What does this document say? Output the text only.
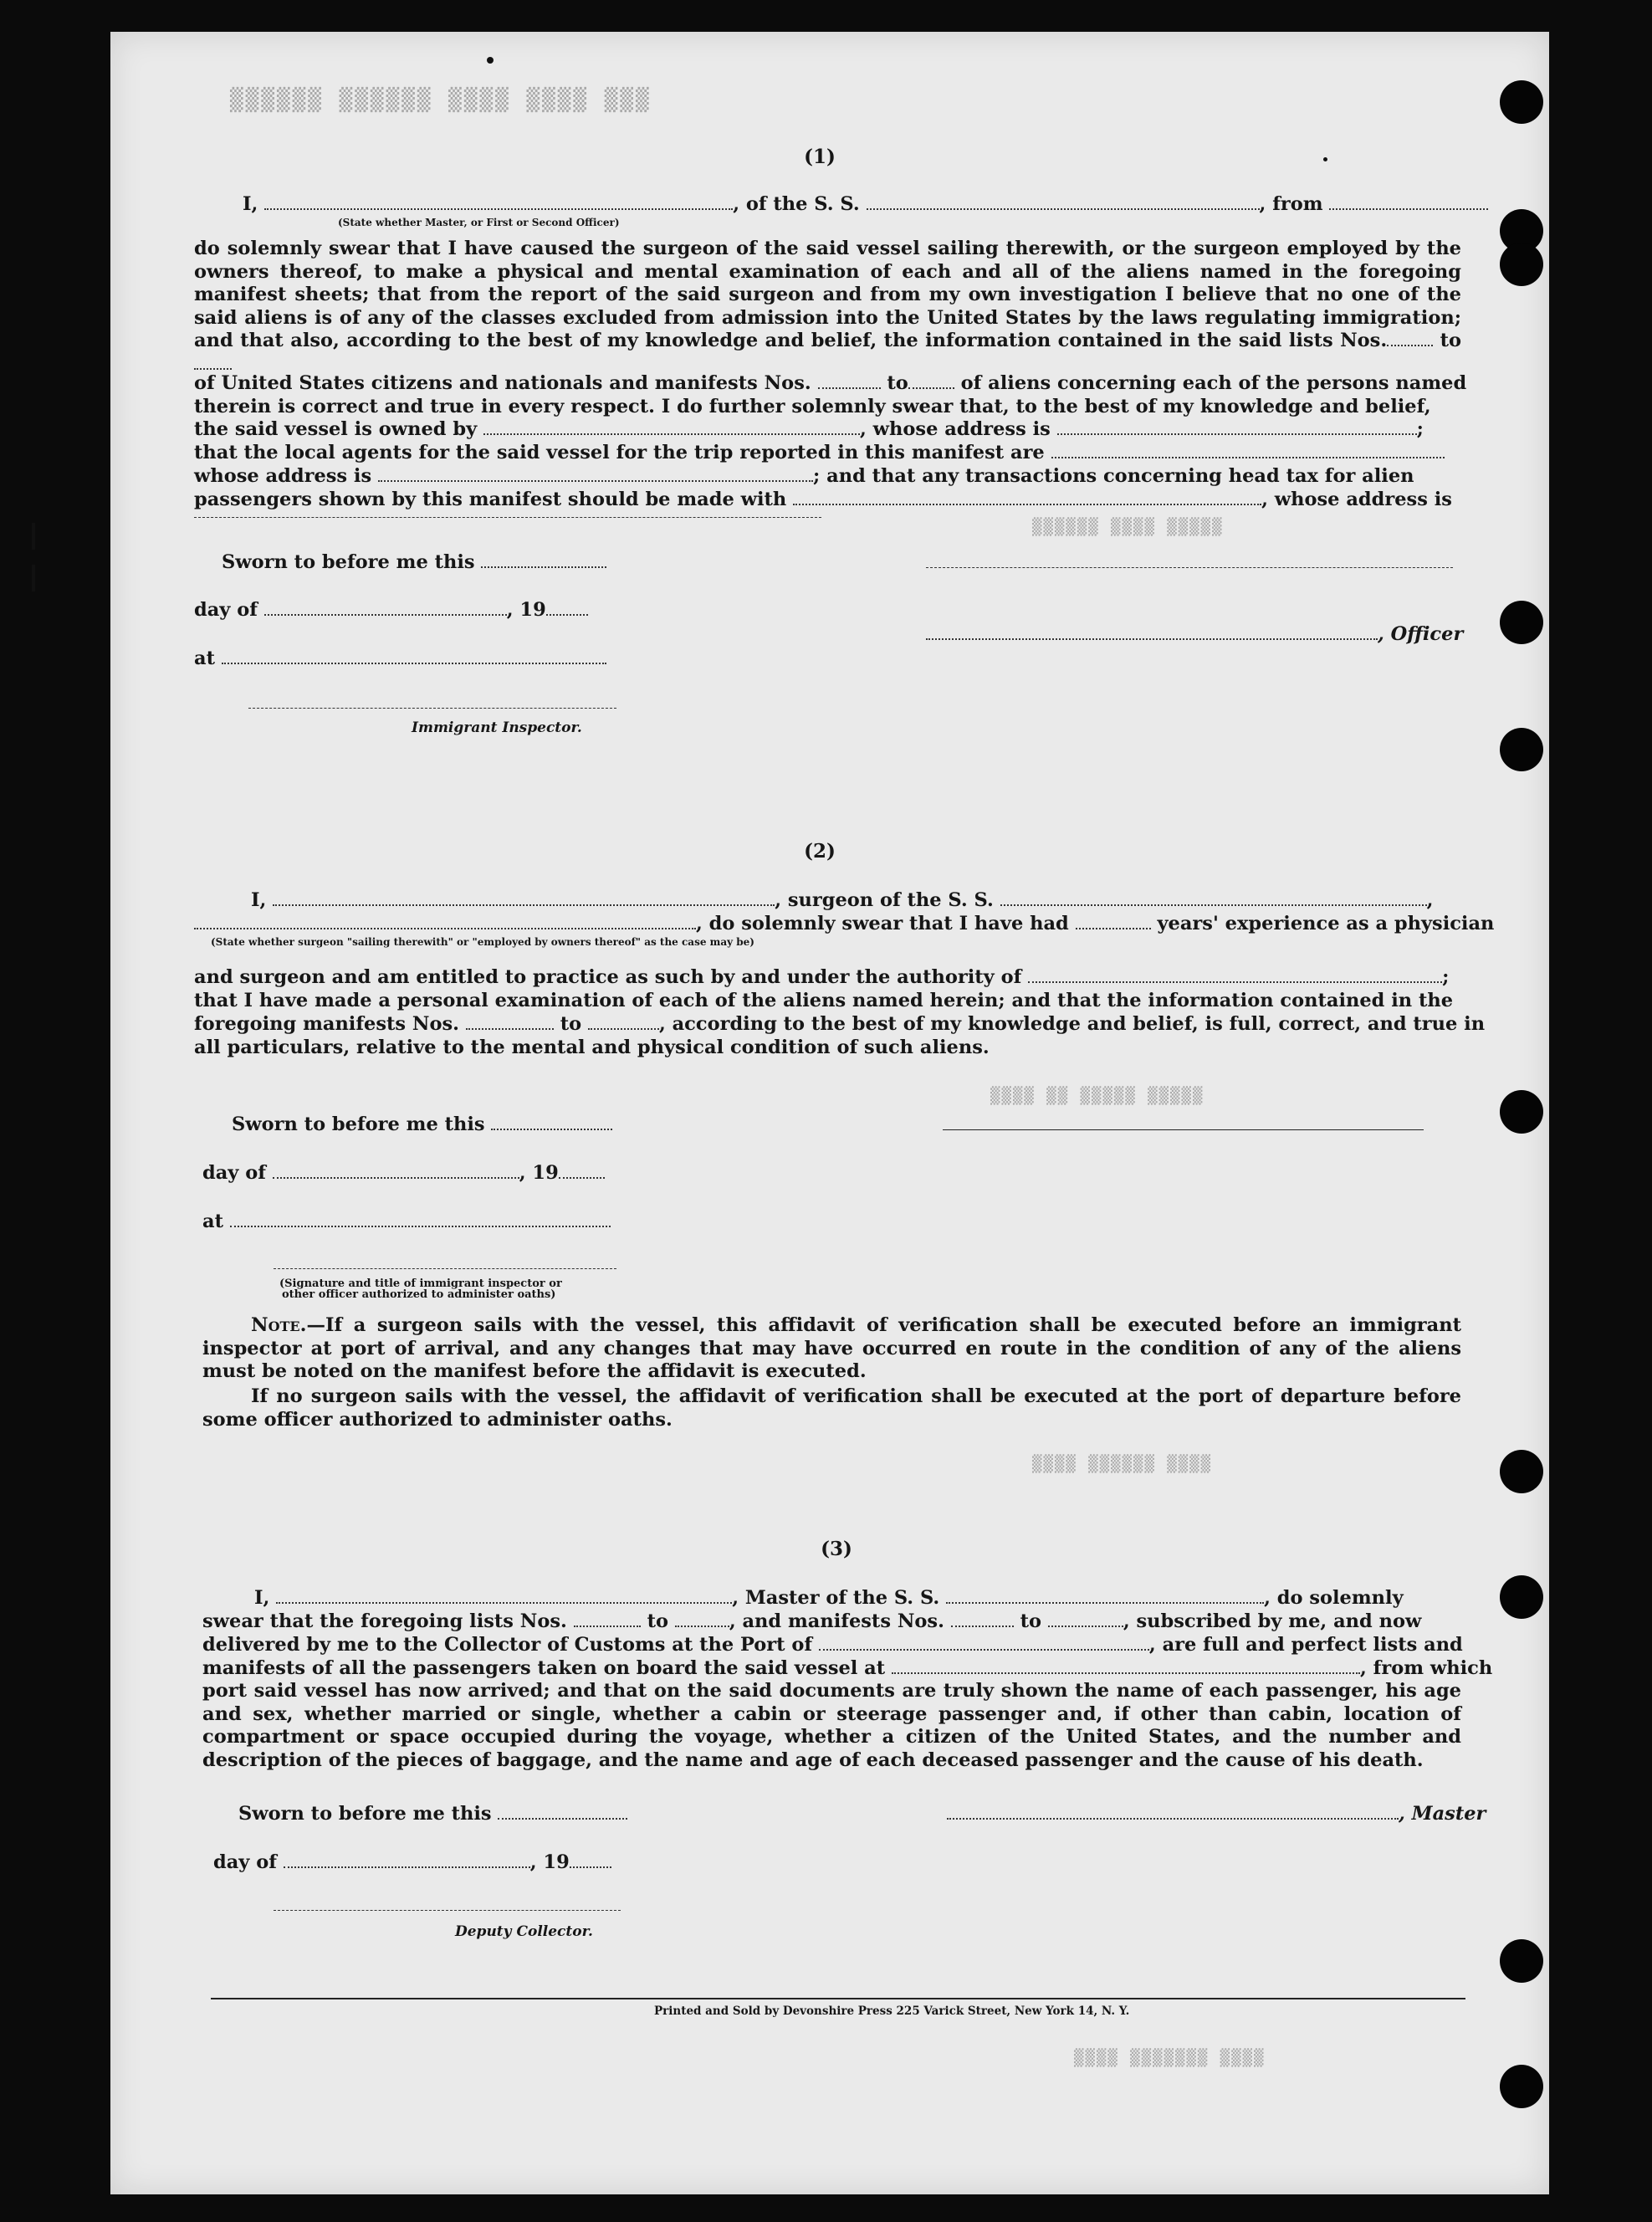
▒▒▒ ▒▒▒▒ ▒▒▒▒ ▒▒▒▒▒▒ ▒▒▒▒▒▒
▒▒▒▒▒ ▒▒▒▒ ▒▒▒▒▒▒
▒▒▒▒▒ ▒▒▒▒▒ ▒▒ ▒▒▒▒
▒▒▒▒ ▒▒▒▒▒▒ ▒▒▒▒
▒▒▒▒ ▒▒▒▒▒▒▒ ▒▒▒▒
(1)
I,	, of the S. S.	, from
(State whether Master, or First or Second Officer)
do solemnly swear that I have caused the surgeon of the said vessel sailing therewith, or the surgeon employed by the owners thereof, to make a physical and mental examination of each and all of the aliens named in the foregoing manifest sheets; that from the report of the said surgeon and from my own investigation I believe that no one of the said aliens is of any of the classes excluded from admission into the United States by the laws regulating immigration; and that also, according to the best of my knowledge and belief, the information contained in the said lists Nos.	to
of United States citizens and nationals and manifests Nos.	to	of aliens concerning each of the persons named
therein is correct and true in every respect. I do further solemnly swear that, to the best of my knowledge and belief,
the said vessel is owned by	, whose address is	;
that the local agents for the said vessel for the trip reported in this manifest are
whose address is	; and that any transactions concerning head tax for alien
passengers shown by this manifest should be made with	, whose address is
Sworn to before me this
day of	, 19
, Officer
at
Immigrant Inspector.
(2)
I,	, surgeon of the S. S.	,
, do solemnly swear that I have had	years' experience as a physician
(State whether surgeon "sailing therewith" or "employed by owners thereof" as the case may be)
and surgeon and am entitled to practice as such by and under the authority of	;
that I have made a personal examination of each of the aliens named herein; and that the information contained in the
foregoing manifests Nos.	to	, according to the best of my knowledge and belief, is full, correct, and true in
all particulars, relative to the mental and physical condition of such aliens.
Sworn to before me this
day of	, 19
at
(Signature and title of immigrant inspector or
other officer authorized to administer oaths)
Note.—If a surgeon sails with the vessel, this affidavit of verification shall be executed before an immigrant inspector at port of arrival, and any changes that may have occurred en route in the condition of any of the aliens must be noted on the manifest before the affidavit is executed.
If no surgeon sails with the vessel, the affidavit of verification shall be executed at the port of departure before some officer authorized to administer oaths.
(3)
I,	, Master of the S. S.	, do solemnly
swear that the foregoing lists Nos.	to	, and manifests Nos.	to	, subscribed by me, and now
delivered by me to the Collector of Customs at the Port of	, are full and perfect lists and
manifests of all the passengers taken on board the said vessel at	, from which
port said vessel has now arrived; and that on the said documents are truly shown the name of each passenger, his age and sex, whether married or single, whether a cabin or steerage passenger and, if other than cabin, location of compartment or space occupied during the voyage, whether a citizen of the United States, and the number and description of the pieces of baggage, and the name and age of each deceased passenger and the cause of his death.
Sworn to before me this	, Master
day of	, 19
Deputy Collector.
Printed and Sold by Devonshire Press 225 Varick Street, New York 14, N. Y.
